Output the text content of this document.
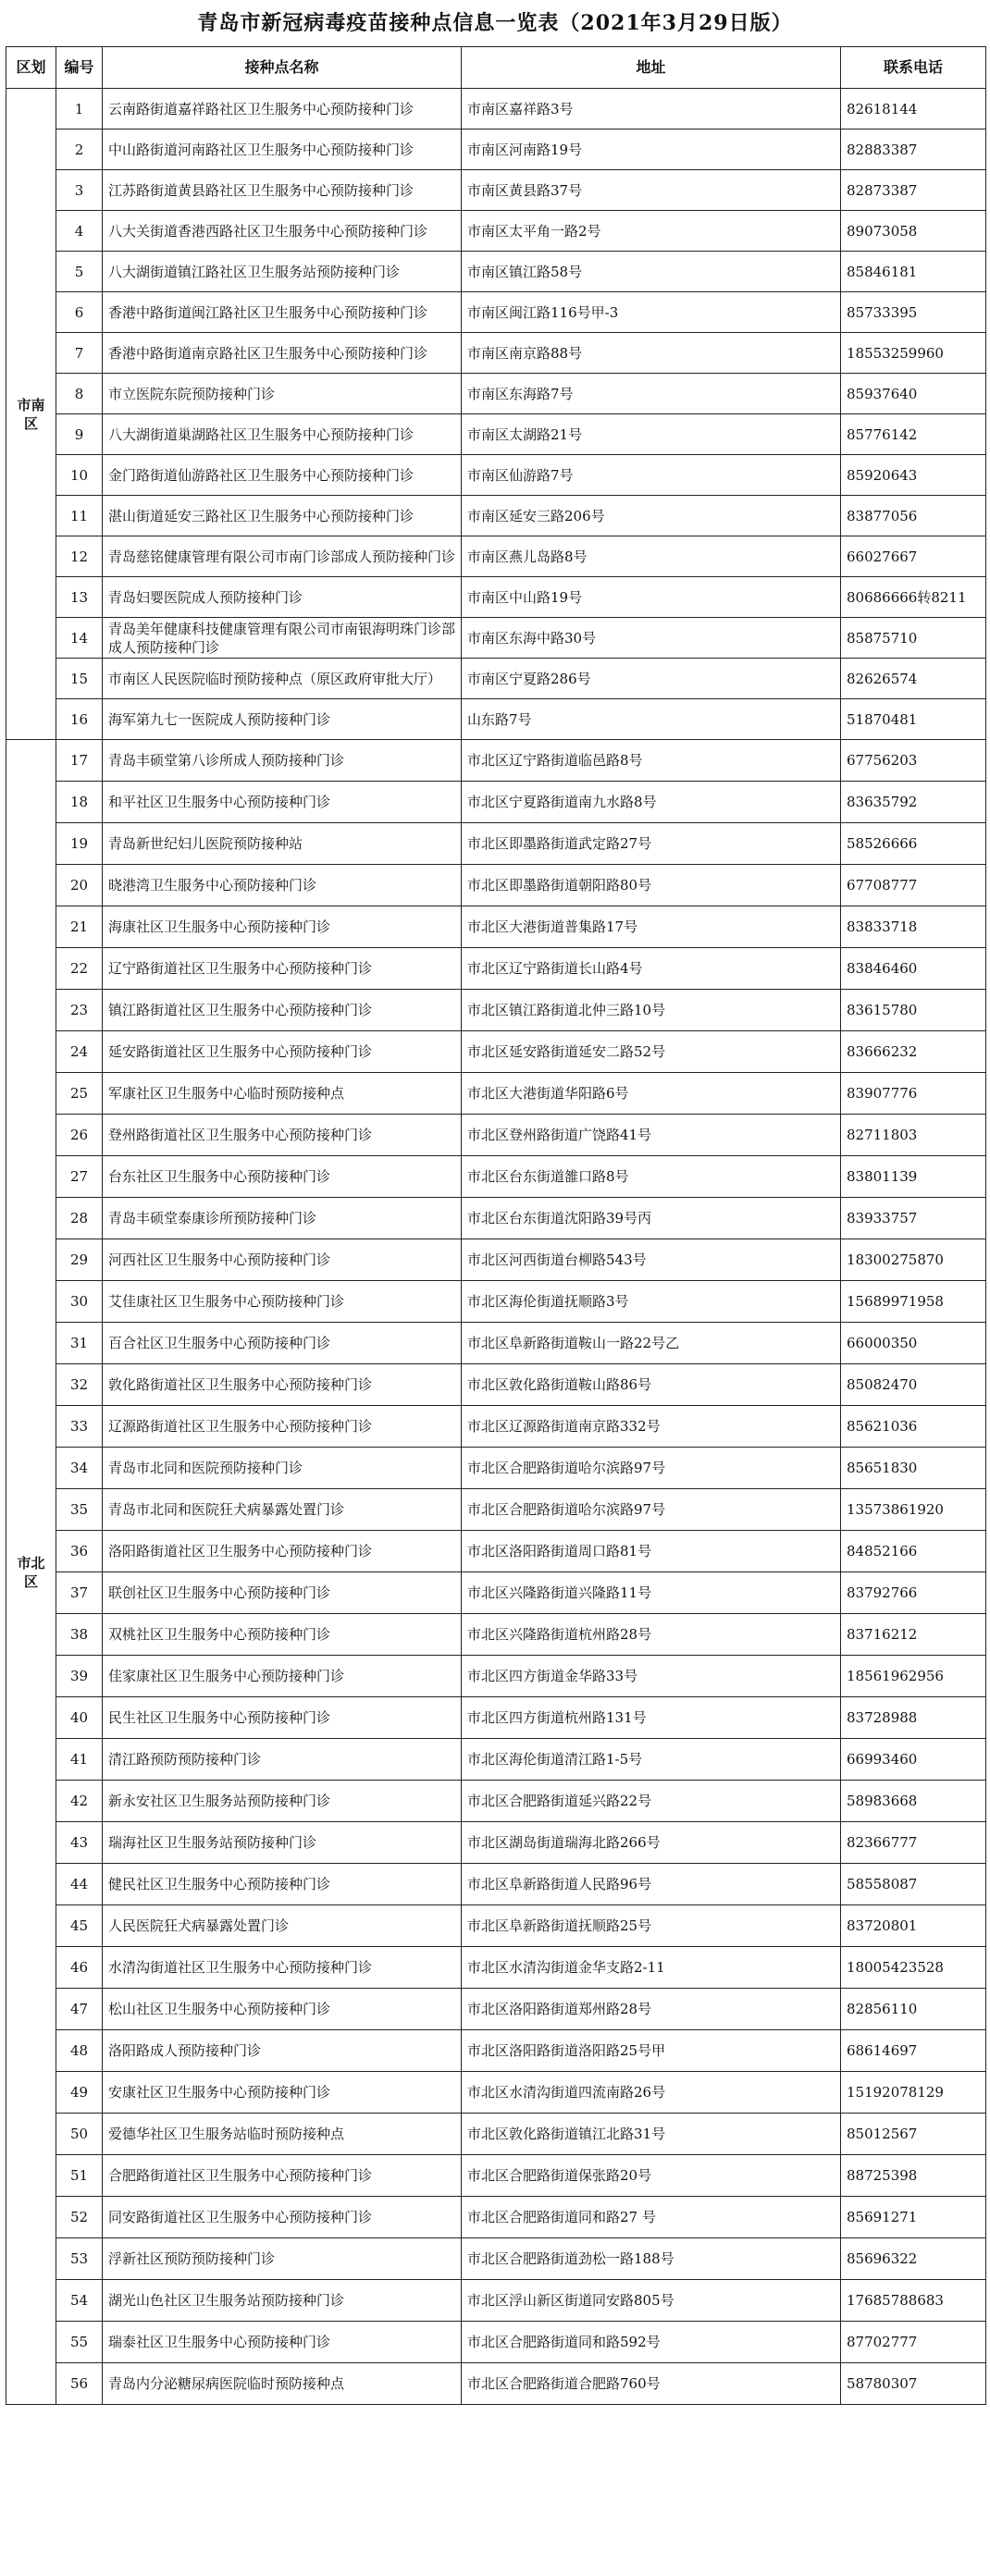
青岛市新冠病毒疫苗接种点信息一览表（2021年3月29日版）
区划	编号	接种点名称	地址	联系电话
市南区	1	云南路街道嘉祥路社区卫生服务中心预防接种门诊	市南区嘉祥路3号	82618144
	2	中山路街道河南路社区卫生服务中心预防接种门诊	市南区河南路19号	82883387
	3	江苏路街道黄县路社区卫生服务中心预防接种门诊	市南区黄县路37号	82873387
	4	八大关街道香港西路社区卫生服务中心预防接种门诊	市南区太平角一路2号	89073058
	5	八大湖街道镇江路社区卫生服务站预防接种门诊	市南区镇江路58号	85846181
	6	香港中路街道闽江路社区卫生服务中心预防接种门诊	市南区闽江路116号甲-3	85733395
	7	香港中路街道南京路社区卫生服务中心预防接种门诊	市南区南京路88号	18553259960
	8	市立医院东院预防接种门诊	市南区东海路7号	85937640
	9	八大湖街道巢湖路社区卫生服务中心预防接种门诊	市南区太湖路21号	85776142
	10	金门路街道仙游路社区卫生服务中心预防接种门诊	市南区仙游路7号	85920643
	11	湛山街道延安三路社区卫生服务中心预防接种门诊	市南区延安三路206号	83877056
	12	青岛慈铭健康管理有限公司市南门诊部成人预防接种门诊	市南区燕儿岛路8号	66027667
	13	青岛妇婴医院成人预防接种门诊	市南区中山路19号	80686666转8211
	14	青岛美年健康科技健康管理有限公司市南银海明珠门诊部成人预防接种门诊	市南区东海中路30号	85875710
	15	市南区人民医院临时预防接种点（原区政府审批大厅）	市南区宁夏路286号	82626574
	16	海军第九七一医院成人预防接种门诊	山东路7号	51870481
市北区	17	青岛丰硕堂第八诊所成人预防接种门诊	市北区辽宁路街道临邑路8号	67756203
	18	和平社区卫生服务中心预防接种门诊	市北区宁夏路街道南九水路8号	83635792
	19	青岛新世纪妇儿医院预防接种站	市北区即墨路街道武定路27号	58526666
	20	晓港湾卫生服务中心预防接种门诊	市北区即墨路街道朝阳路80号	67708777
	21	海康社区卫生服务中心预防接种门诊	市北区大港街道普集路17号	83833718
	22	辽宁路街道社区卫生服务中心预防接种门诊	市北区辽宁路街道长山路4号	83846460
	23	镇江路街道社区卫生服务中心预防接种门诊	市北区镇江路街道北仲三路10号	83615780
	24	延安路街道社区卫生服务中心预防接种门诊	市北区延安路街道延安二路52号	83666232
	25	军康社区卫生服务中心临时预防接种点	市北区大港街道华阳路6号	83907776
	26	登州路街道社区卫生服务中心预防接种门诊	市北区登州路街道广饶路41号	82711803
	27	台东社区卫生服务中心预防接种门诊	市北区台东街道雒口路8号	83801139
	28	青岛丰硕堂泰康诊所预防接种门诊	市北区台东街道沈阳路39号丙	83933757
	29	河西社区卫生服务中心预防接种门诊	市北区河西街道台柳路543号	18300275870
	30	艾佳康社区卫生服务中心预防接种门诊	市北区海伦街道抚顺路3号	15689971958
	31	百合社区卫生服务中心预防接种门诊	市北区阜新路街道鞍山一路22号乙	66000350
	32	敦化路街道社区卫生服务中心预防接种门诊	市北区敦化路街道鞍山路86号	85082470
	33	辽源路街道社区卫生服务中心预防接种门诊	市北区辽源路街道南京路332号	85621036
	34	青岛市北同和医院预防接种门诊	市北区合肥路街道哈尔滨路97号	85651830
	35	青岛市北同和医院狂犬病暴露处置门诊	市北区合肥路街道哈尔滨路97号	13573861920
	36	洛阳路街道社区卫生服务中心预防接种门诊	市北区洛阳路街道周口路81号	84852166
	37	联创社区卫生服务中心预防接种门诊	市北区兴隆路街道兴隆路11号	83792766
	38	双桃社区卫生服务中心预防接种门诊	市北区兴隆路街道杭州路28号	83716212
	39	佳家康社区卫生服务中心预防接种门诊	市北区四方街道金华路33号	18561962956
	40	民生社区卫生服务中心预防接种门诊	市北区四方街道杭州路131号	83728988
	41	清江路预防预防接种门诊	市北区海伦街道清江路1-5号	66993460
	42	新永安社区卫生服务站预防接种门诊	市北区合肥路街道延兴路22号	58983668
	43	瑞海社区卫生服务站预防接种门诊	市北区湖岛街道瑞海北路266号	82366777
	44	健民社区卫生服务中心预防接种门诊	市北区阜新路街道人民路96号	58558087
	45	人民医院狂犬病暴露处置门诊	市北区阜新路街道抚顺路25号	83720801
	46	水清沟街道社区卫生服务中心预防接种门诊	市北区水清沟街道金华支路2-11	18005423528
	47	松山社区卫生服务中心预防接种门诊	市北区洛阳路街道郑州路28号	82856110
	48	洛阳路成人预防接种门诊	市北区洛阳路街道洛阳路25号甲	68614697
	49	安康社区卫生服务中心预防接种门诊	市北区水清沟街道四流南路26号	15192078129
	50	爱德华社区卫生服务站临时预防接种点	市北区敦化路街道镇江北路31号	85012567
	51	合肥路街道社区卫生服务中心预防接种门诊	市北区合肥路街道保张路20号	88725398
	52	同安路街道社区卫生服务中心预防接种门诊	市北区合肥路街道同和路27 号	85691271
	53	浮新社区预防预防接种门诊	市北区合肥路街道劲松一路188号	85696322
	54	湖光山色社区卫生服务站预防接种门诊	市北区浮山新区街道同安路805号	17685788683
	55	瑞泰社区卫生服务中心预防接种门诊	市北区合肥路街道同和路592号	87702777
	56	青岛内分泌糖尿病医院临时预防接种点	市北区合肥路街道合肥路760号	58780307
